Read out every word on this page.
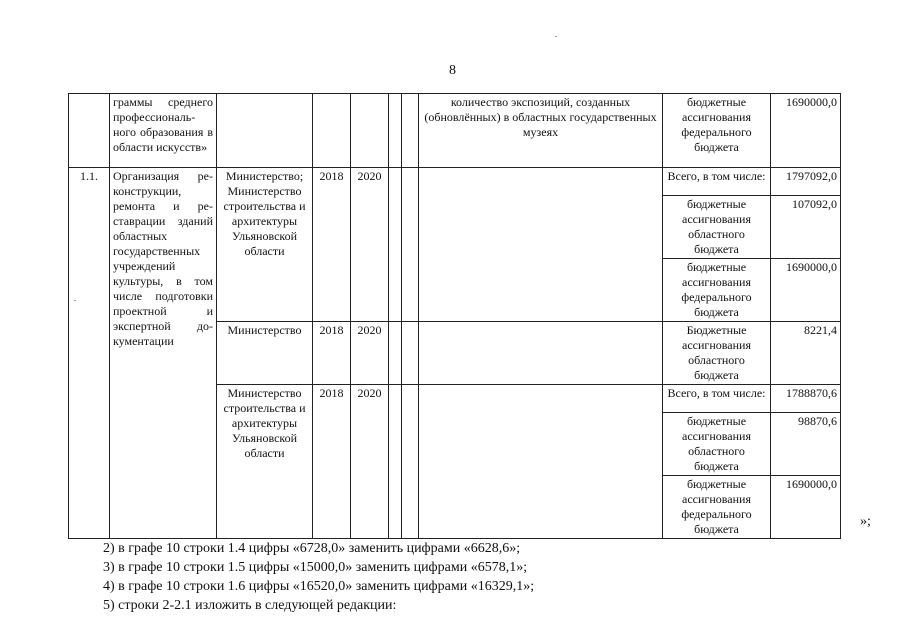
8
	граммы среднего профессионального образования в области искусств»						количество экспозиций, созданных (обновлённых) в областных государственных музеях	бюджетные ассигнования федерального бюджета	1690000,0
1.1.	Организация реконструкции, ремонта и реставрации зданий областных государственных учреждений культуры, в том числе подготовки проектной и экспертной документации	Министерство; Министерство строительства и архитектуры Ульяновской области	2018	2020				Всего, в том числе:	1797092,0
								бюджетные ассигнования областного бюджета	107092,0
								бюджетные ассигнования федерального бюджета	1690000,0
		Министерство	2018	2020				Бюджетные ассигнования областного бюджета	8221,4
		Министерство строительства и архитектуры Ульяновской области	2018	2020				Всего, в том числе:	1788870,6
								бюджетные ассигнования областного бюджета	98870,6
								бюджетные ассигнования федерального бюджета	1690000,0
»;

2) в графе 10 строки 1.4 цифры «6728,0» заменить цифрами «6628,6»;

3) в графе 10 строки 1.5 цифры «15000,0» заменить цифрами «6578,1»;

4) в графе 10 строки 1.6 цифры «16520,0» заменить цифрами «16329,1»;

5) строки 2-2.1 изложить в следующей редакции:
